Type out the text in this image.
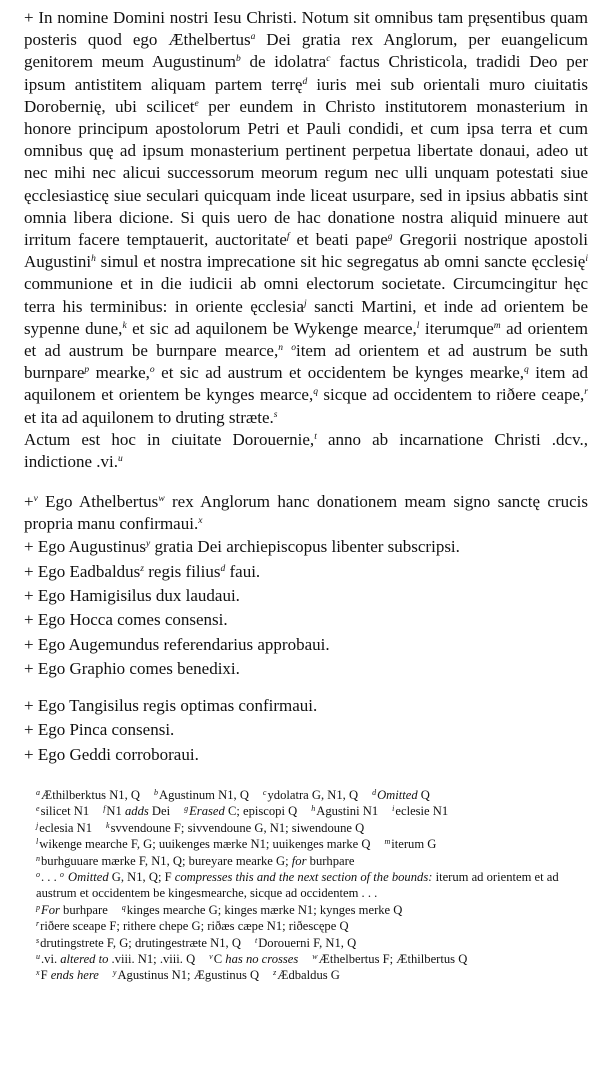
+ In nomine Domini nostri Iesu Christi. Notum sit omnibus tam pręsentibus quam posteris quod ego Æthelbertus$^a$ Dei gratia rex Anglorum, per euangelicum genitorem meum Augustinum$^b$ de idolatra$^c$ factus Christicola, tradidi Deo per ipsum antistitem aliquam partem terrę$^d$ iuris mei sub orientali muro ciuitatis Dorobernię, ubi scilicet$^e$ per eundem in Christo institutorem monasterium in honore principum apostolorum Petri et Pauli condidi, et cum ipsa terra et cum omnibus quę ad ipsum monasterium pertinent perpetua libertate donaui, adeo ut nec mihi nec alicui successorum meorum regum nec ulli unquam potestati siue ęcclesiasticę siue seculari quicquam inde liceat usurpare, sed in ipsius abbatis sint omnia libera dicione. Si quis uero de hac donatione nostra aliquid minuere aut irritum facere temptauerit, auctoritate$^f$ et beati pape$^g$ Gregorii nostrique apostoli Augustini$^h$ simul et nostra imprecatione sit hic segregatus ab omni sancte ęcclesię$^i$ communione et in die iudicii ab omni electorum societate. Circumcingitur hęc terra his terminibus: in oriente ęcclesia$^j$ sancti Martini, et inde ad orientem be sypenne dune,$^k$ et sic ad aquilonem be Wykenge mearce,$^l$ iterumque$^m$ ad orientem et ad austrum be burnpare mearce,$^n$ $^o$item ad orientem et ad austrum be suth burnpare$^p$ mearke,$^o$ et sic ad austrum et occidentem be kynges mearke,$^q$ item ad aquilonem et orientem be kynges mearce,$^q$ sicque ad occidentem to riðere ceape,$^r$ et ita ad aquilonem to druting stræte.$^s$

Actum est hoc in ciuitate Dorouernie,$^t$ anno ab incarnatione Christi .dcv., indictione .vi.$^u$

+$^v$ Ego Athelbertus$^w$ rex Anglorum hanc donationem meam signo sanctę crucis propria manu confirmaui.$^x$
+ Ego Augustinus$^y$ gratia Dei archiepiscopus libenter subscripsi.
+ Ego Eadbaldus$^z$ regis filius$^d$ faui.
+ Ego Hamigisilus dux laudaui.
+ Ego Hocca comes consensi.
+ Ego Augemundus referendarius approbaui.
+ Ego Graphio comes benedixi.
+ Ego Tangisilus regis optimas confirmaui.
+ Ego Pinca consensi.
+ Ego Geddi corroboraui.
$^a$Æthilberktus N1, Q $^b$Agustinum N1, Q $^c$ydolatra G, N1, Q $^d$Omitted Q
$^e$silicet N1 $^f$N1 adds Dei $^g$Erased C; episcopi Q $^h$Agustini N1 $^i$eclesie N1
$^j$eclesia N1 $^k$svvendoune F; sivvendoune G, N1; siwendoune Q
$^l$wikenge mearche F, G; uuikenges mærke N1; uuikenges marke Q $^m$iterum G
$^n$burhguuare mærke F, N1, Q; bureyare mearke G; for burhpare
$^o$. . . $^o$ Omitted G, N1, Q; F compresses this and the next section of the bounds: iterum ad orientem et ad austrum et occidentem be kingesmearche, sicque ad occidentem . . .
$^p$For burhpare $^q$kinges mearche G; kinges mærke N1; kynges merke Q
$^r$riðere sceape F; rithere chepe G; riðæs cæpe N1; riðescępe Q
$^s$drutingstrete F, G; drutingestræte N1, Q $^t$Dorouerni F, N1, Q
$^u$.vi. altered to .viii. N1; .viii. Q $^v$C has no crosses $^w$Æthelbertus F; Æthilbertus Q
$^x$F ends here $^y$Agustinus N1; Ægustinus Q $^z$Ædbaldus G
